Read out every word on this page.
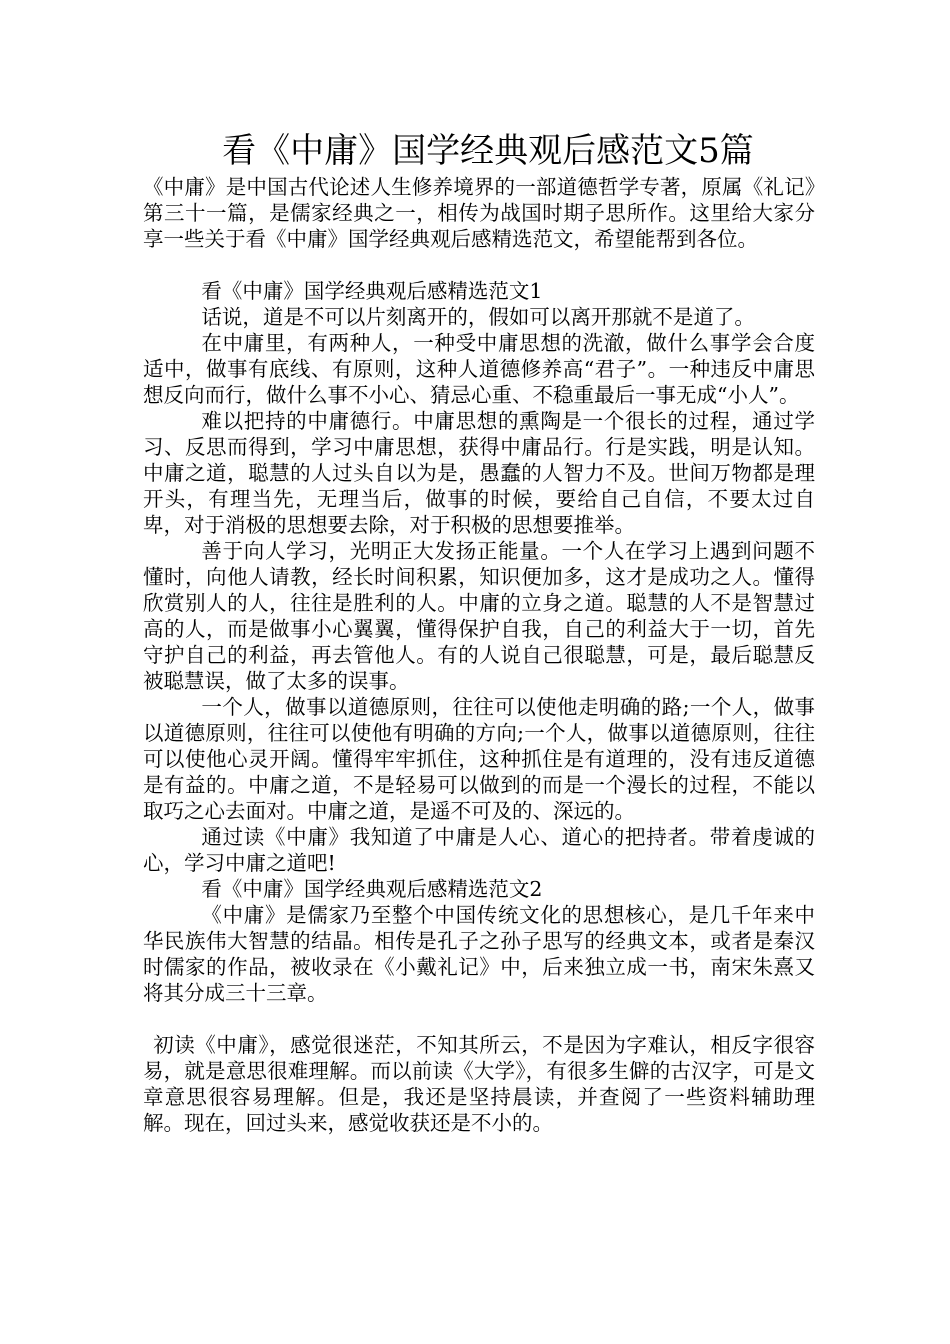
看《中庸》国学经典观后感范文5篇

《中庸》是中国古代论述人生修养境界的一部道德哲学专著，原属《礼记》第三十一篇，是儒家经典之一，相传为战国时期子思所作。这里给大家分享一些关于看《中庸》国学经典观后感精选范文，希望能帮到各位。

看《中庸》国学经典观后感精选范文1

话说，道是不可以片刻离开的，假如可以离开那就不是道了。

在中庸里，有两种人，一种受中庸思想的洗澈，做什么事学会合度适中，做事有底线、有原则，这种人道德修养高“君子”。一种违反中庸思想反向而行，做什么事不小心、猜忌心重、不稳重最后一事无成“小人”。

难以把持的中庸德行。中庸思想的熏陶是一个很长的过程，通过学习、反思而得到，学习中庸思想，获得中庸品行。行是实践，明是认知。中庸之道，聪慧的人过头自以为是，愚蠢的人智力不及。世间万物都是理开头，有理当先，无理当后，做事的时候，要给自己自信，不要太过自卑，对于消极的思想要去除，对于积极的思想要推举。

善于向人学习，光明正大发扬正能量。一个人在学习上遇到问题不懂时，向他人请教，经长时间积累，知识便加多，这才是成功之人。懂得欣赏别人的人，往往是胜利的人。中庸的立身之道。聪慧的人不是智慧过高的人，而是做事小心翼翼，懂得保护自我，自己的利益大于一切，首先守护自己的利益，再去管他人。有的人说自己很聪慧，可是，最后聪慧反被聪慧误，做了太多的误事。

一个人，做事以道德原则，往往可以使他走明确的路;一个人，做事以道德原则，往往可以使他有明确的方向;一个人，做事以道德原则，往往可以使他心灵开阔。懂得牢牢抓住，这种抓住是有道理的，没有违反道德是有益的。中庸之道，不是轻易可以做到的而是一个漫长的过程，不能以取巧之心去面对。中庸之道，是遥不可及的、深远的。

通过读《中庸》我知道了中庸是人心、道心的把持者。带着虔诚的心，学习中庸之道吧!

看《中庸》国学经典观后感精选范文2

《中庸》是儒家乃至整个中国传统文化的思想核心，是几千年来中华民族伟大智慧的结晶。相传是孔子之孙子思写的经典文本，或者是秦汉时儒家的作品，被收录在《小戴礼记》中，后来独立成一书，南宋朱熹又将其分成三十三章。

初读《中庸》，感觉很迷茫，不知其所云，不是因为字难认，相反字很容易，就是意思很难理解。而以前读《大学》，有很多生僻的古汉字，可是文章意思很容易理解。但是，我还是坚持晨读，并查阅了一些资料辅助理解。现在，回过头来，感觉收获还是不小的。
